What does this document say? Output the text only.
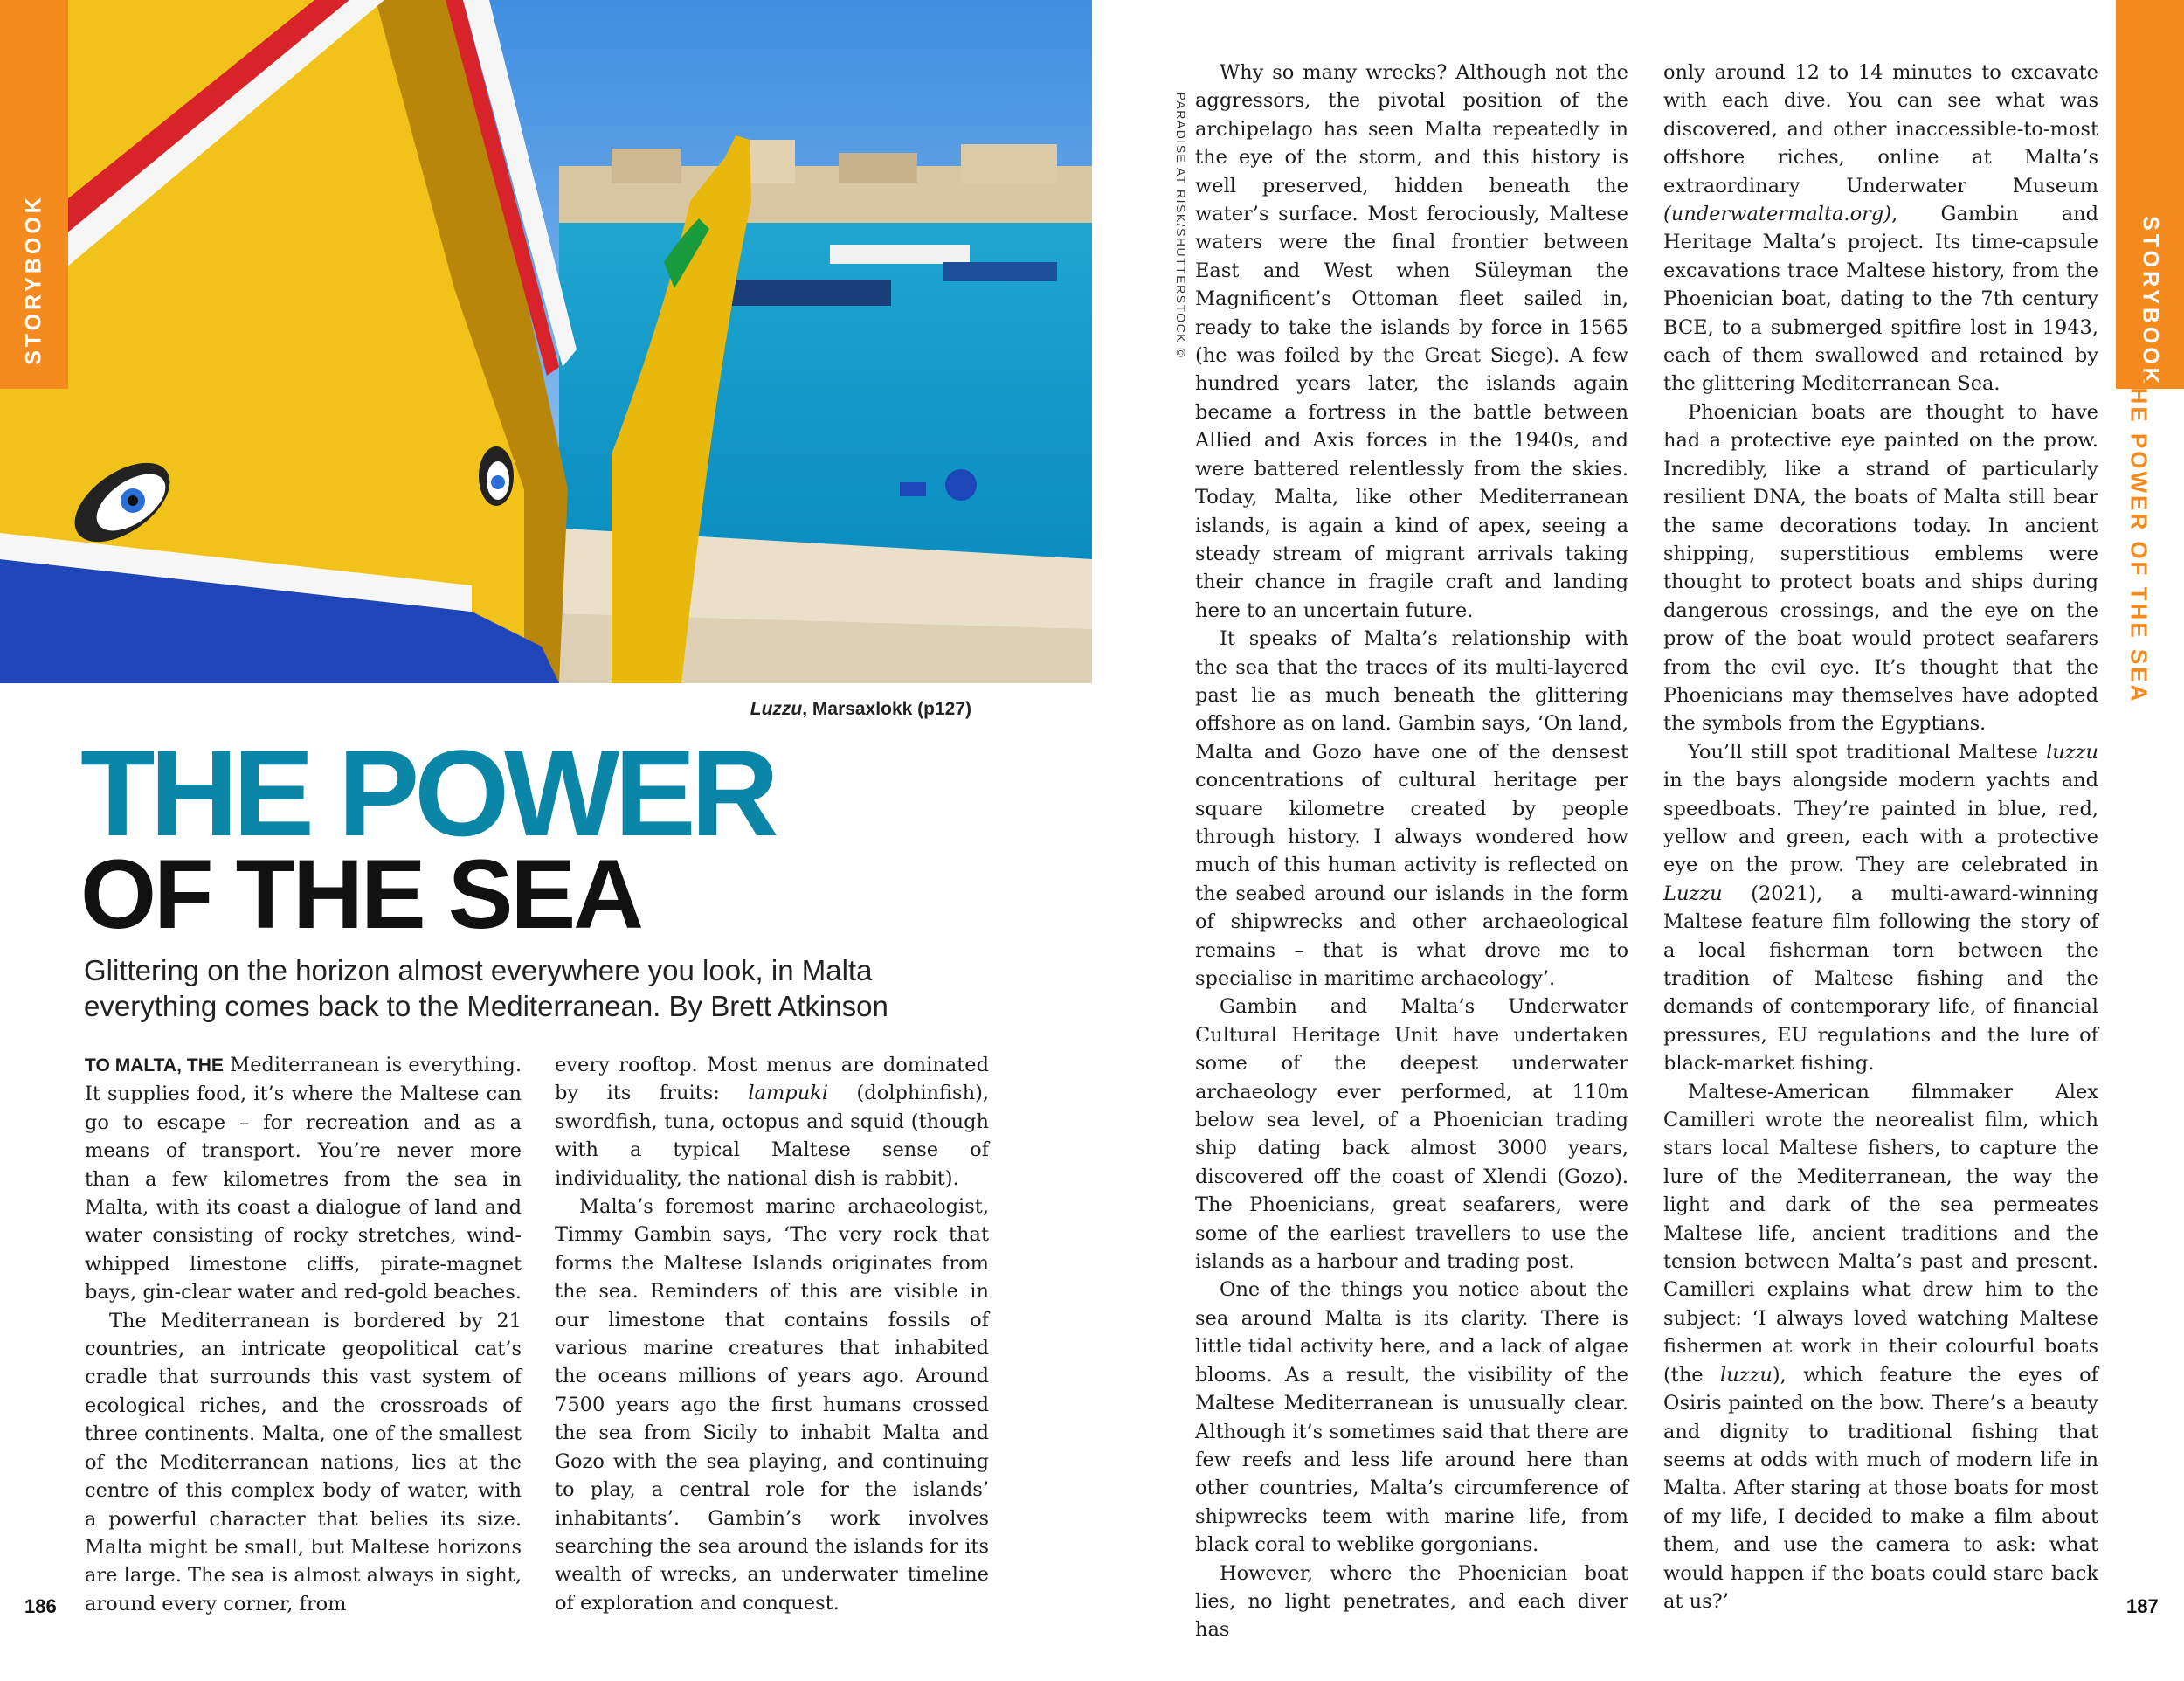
STORYBOOK	STORYBOOK
THE POWER OF THE SEA
Luzzu, Marsaxlokk (p127)
PARADISE AT RISK/SHUTTERSTOCK ©
THE POWER
OF THE SEA
Glittering on the horizon almost everywhere you look, in Malta everything comes back to the Mediterranean. By Brett Atkinson

TO MALTA, THE Mediterranean is everything. It supplies food, it’s where the Maltese can go to escape – for recreation and as a means of transport. You’re never more than a few kilometres from the sea in Malta, with its coast a dialogue of land and water consisting of rocky stretches, wind-whipped limestone cliffs, pirate-magnet bays, gin-clear water and red-gold beaches.

The Mediterranean is bordered by 21 countries, an intricate geopolitical cat’s cradle that surrounds this vast system of ecological riches, and the crossroads of three continents. Malta, one of the smallest of the Mediterranean nations, lies at the centre of this complex body of water, with a powerful character that belies its size. Malta might be small, but Maltese horizons are large. The sea is almost always in sight, around every corner, from

every rooftop. Most menus are dominated by its fruits: lampuki (dolphinfish), swordfish, tuna, octopus and squid (though with a typical Maltese sense of individuality, the national dish is rabbit).

Malta’s foremost marine archaeologist, Timmy Gambin says, ‘The very rock that forms the Maltese Islands originates from the sea. Reminders of this are visible in our limestone that contains fossils of various marine creatures that inhabited the oceans millions of years ago. Around 7500 years ago the first humans crossed the sea from Sicily to inhabit Malta and Gozo with the sea playing, and continuing to play, a central role for the islands’ inhabitants’. Gambin’s work involves searching the sea around the islands for its wealth of wrecks, an underwater timeline of exploration and conquest.

Why so many wrecks? Although not the aggressors, the pivotal position of the archipelago has seen Malta repeatedly in the eye of the storm, and this history is well preserved, hidden beneath the water’s surface. Most ferociously, Maltese waters were the final frontier between East and West when Süleyman the Magnificent’s Ottoman fleet sailed in, ready to take the islands by force in 1565 (he was foiled by the Great Siege). A few hundred years later, the islands again became a fortress in the battle between Allied and Axis forces in the 1940s, and were battered relentlessly from the skies. Today, Malta, like other Mediterranean islands, is again a kind of apex, seeing a steady stream of migrant arrivals taking their chance in fragile craft and landing here to an uncertain future.

It speaks of Malta’s relationship with the sea that the traces of its multi-layered past lie as much beneath the glittering offshore as on land. Gambin says, ‘On land, Malta and Gozo have one of the densest concentrations of cultural heritage per square kilometre created by people through history. I always wondered how much of this human activity is reflected on the seabed around our islands in the form of shipwrecks and other archaeological remains – that is what drove me to specialise in maritime archaeology’.

Gambin and Malta’s Underwater Cultural Heritage Unit have undertaken some of the deepest underwater archaeology ever performed, at 110m below sea level, of a Phoenician trading ship dating back almost 3000 years, discovered off the coast of Xlendi (Gozo). The Phoenicians, great seafarers, were some of the earliest travellers to use the islands as a harbour and trading post.

One of the things you notice about the sea around Malta is its clarity. There is little tidal activity here, and a lack of algae blooms. As a result, the visibility of the Maltese Mediterranean is unusually clear. Although it’s sometimes said that there are few reefs and less life around here than other countries, Malta’s circumference of shipwrecks teem with marine life, from black coral to weblike gorgonians.

However, where the Phoenician boat lies, no light penetrates, and each diver has

only around 12 to 14 minutes to excavate with each dive. You can see what was discovered, and other inaccessible-to-most offshore riches, online at Malta’s extraordinary Underwater Museum (underwatermalta.org), Gambin and Heritage Malta’s project. Its time-capsule excavations trace Maltese history, from the Phoenician boat, dating to the 7th century BCE, to a submerged spitfire lost in 1943, each of them swallowed and retained by the glittering Mediterranean Sea.

Phoenician boats are thought to have had a protective eye painted on the prow. Incredibly, like a strand of particularly resilient DNA, the boats of Malta still bear the same decorations today. In ancient shipping, superstitious emblems were thought to protect boats and ships during dangerous crossings, and the eye on the prow of the boat would protect seafarers from the evil eye. It’s thought that the Phoenicians may themselves have adopted the symbols from the Egyptians.

You’ll still spot traditional Maltese luzzu in the bays alongside modern yachts and speedboats. They’re painted in blue, red, yellow and green, each with a protective eye on the prow. They are celebrated in Luzzu (2021), a multi-award-winning Maltese feature film following the story of a local fisherman torn between the tradition of Maltese fishing and the demands of contemporary life, of financial pressures, EU regulations and the lure of black-market fishing.

Maltese-American filmmaker Alex Camilleri wrote the neorealist film, which stars local Maltese fishers, to capture the lure of the Mediterranean, the way the light and dark of the sea permeates Maltese life, ancient traditions and the tension between Malta’s past and present. Camilleri explains what drew him to the subject: ‘I always loved watching Maltese fishermen at work in their colourful boats (the luzzu), which feature the eyes of Osiris painted on the bow. There’s a beauty and dignity to traditional fishing that seems at odds with much of modern life in Malta. After staring at those boats for most of my life, I decided to make a film about them, and use the camera to ask: what would happen if the boats could stare back at us?’

186	187
